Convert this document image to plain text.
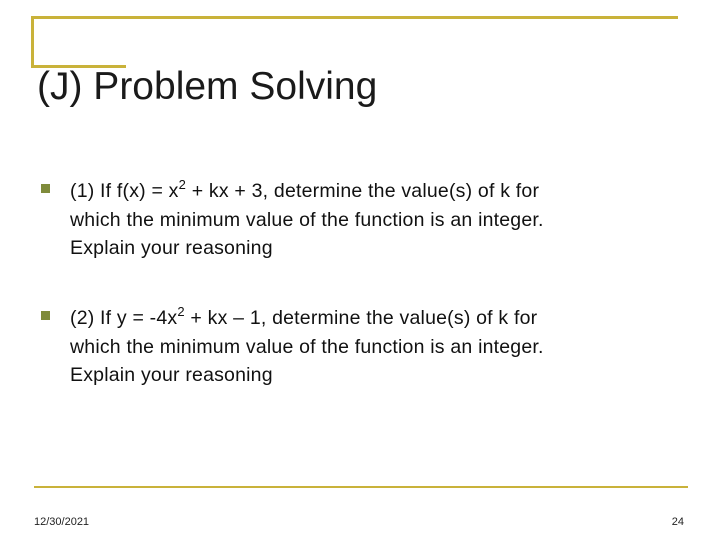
(J) Problem Solving
(1) If $f(x) = x^2$ + kx + 3, determine the value(s) of k for
which the minimum value of the function is an integer.
Explain your reasoning
(2) If $y = -4x^2$ + kx – 1, determine the value(s) of k for
which the minimum value of the function is an integer.
Explain your reasoning
12/30/2021	24
